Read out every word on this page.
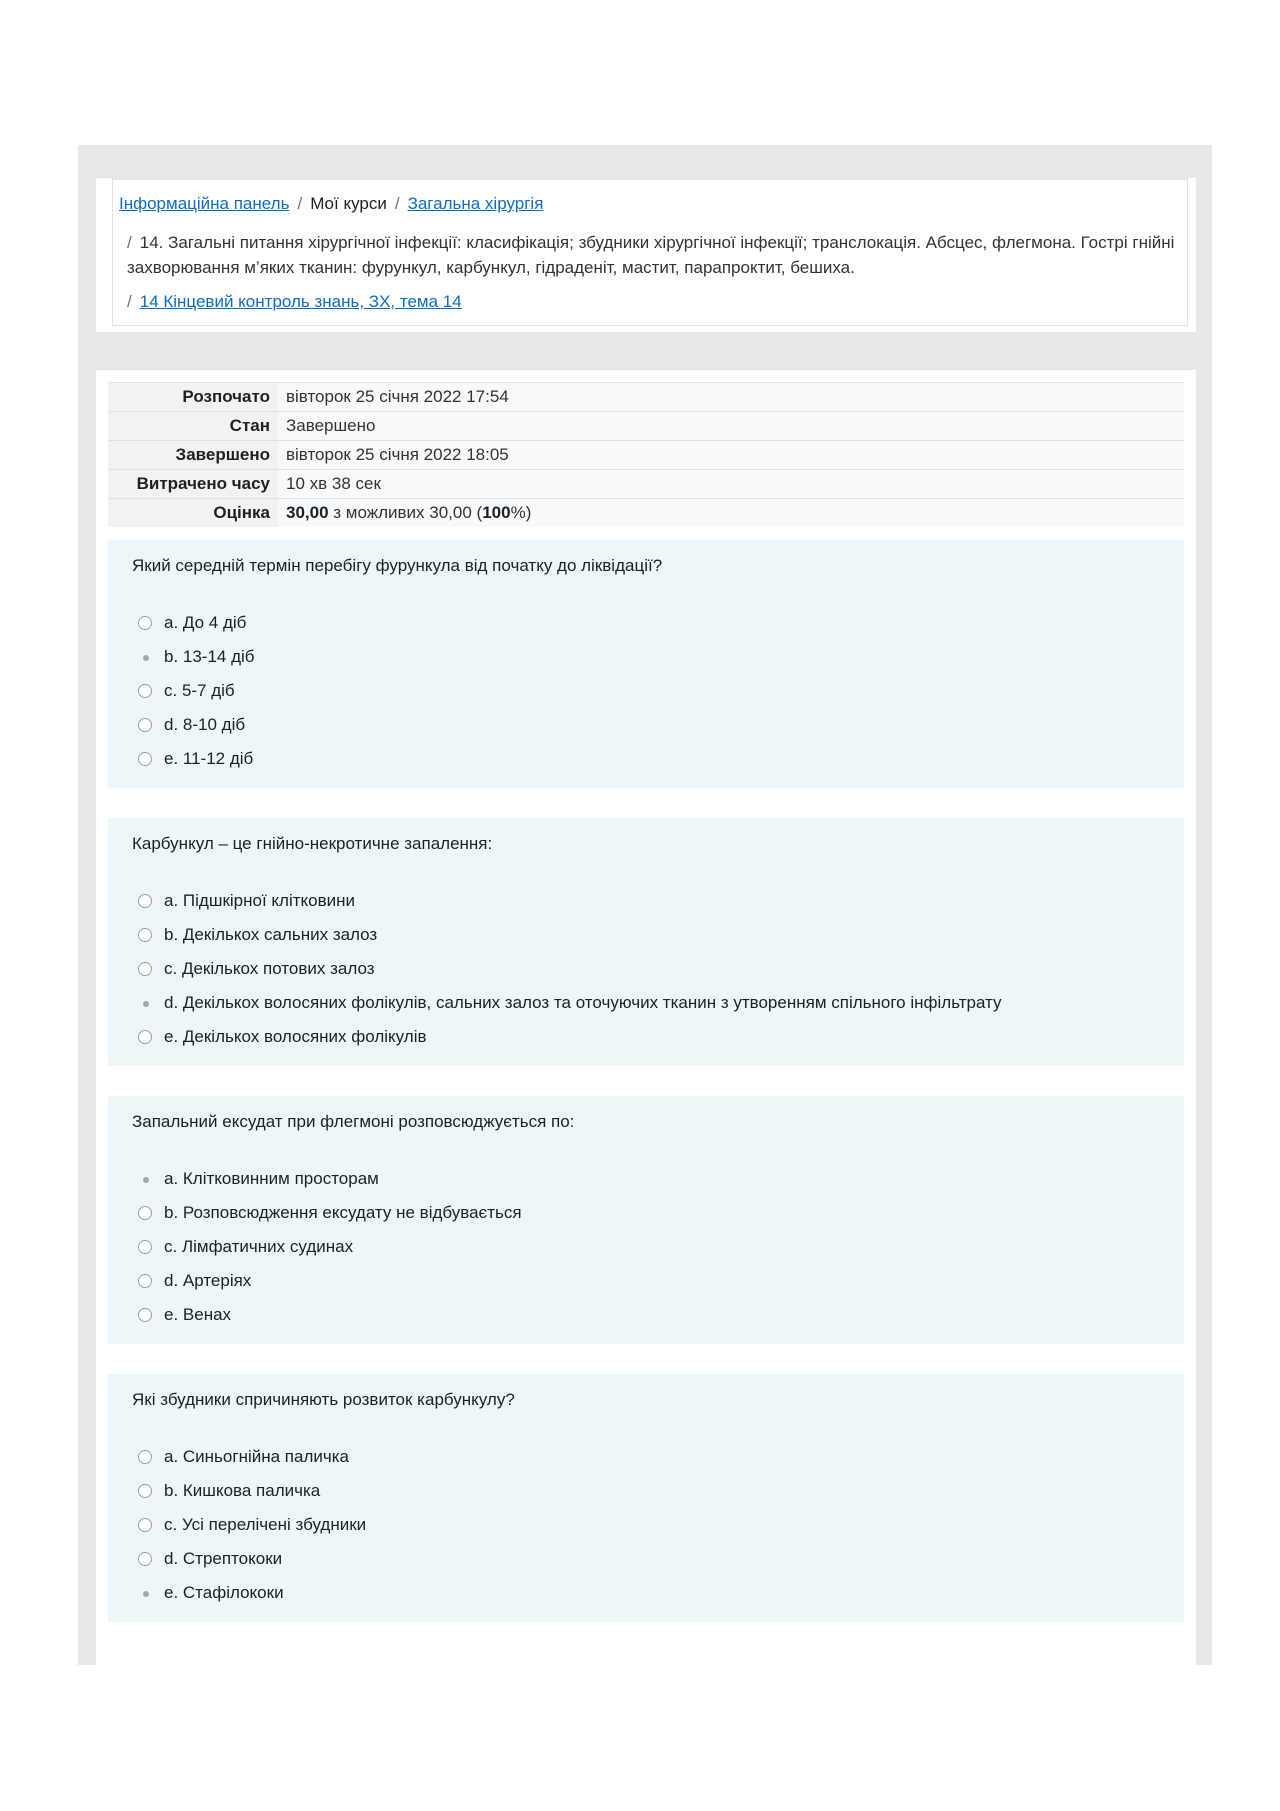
Інформаційна панель / Мої курси / Загальна хірургія
/ 14. Загальні питання хірургічної інфекції: класифікація; збудники хірургічної інфекції; транслокація. Абсцес, флегмона. Гострі гнійні захворювання м’яких тканин: фурункул, карбункул, гідраденіт, мастит, парапроктит, бешиха.
/ 14 Кінцевий контроль знань, ЗХ, тема 14
Розпочато	вівторок 25 січня 2022 17:54
Стан	Завершено
Завершено	вівторок 25 січня 2022 18:05
Витрачено часу	10 хв 38 сек
Оцінка	30,00 з можливих 30,00 (100%)
Який середній термін перебігу фурункула від початку до ліквідації?
a. До 4 діб
b. 13-14 діб
c. 5-7 діб
d. 8-10 діб
e. 11-12 діб
Карбункул – це гнійно-некротичне запалення:
a. Підшкірної клітковини
b. Декількох сальних залоз
c. Декількох потових залоз
d. Декількох волосяних фолікулів, сальних залоз та оточуючих тканин з утворенням спільного інфільтрату
e. Декількох волосяних фолікулів
Запальний ексудат при флегмоні розповсюджується по:
a. Клітковинним просторам
b. Розповсюдження ексудату не відбувається
c. Лімфатичних судинах
d. Артеріях
e. Венах
Які збудники спричиняють розвиток карбункулу?
a. Синьогнійна паличка
b. Кишкова паличка
c. Усі перелічені збудники
d. Стрептококи
e. Стафілококи
